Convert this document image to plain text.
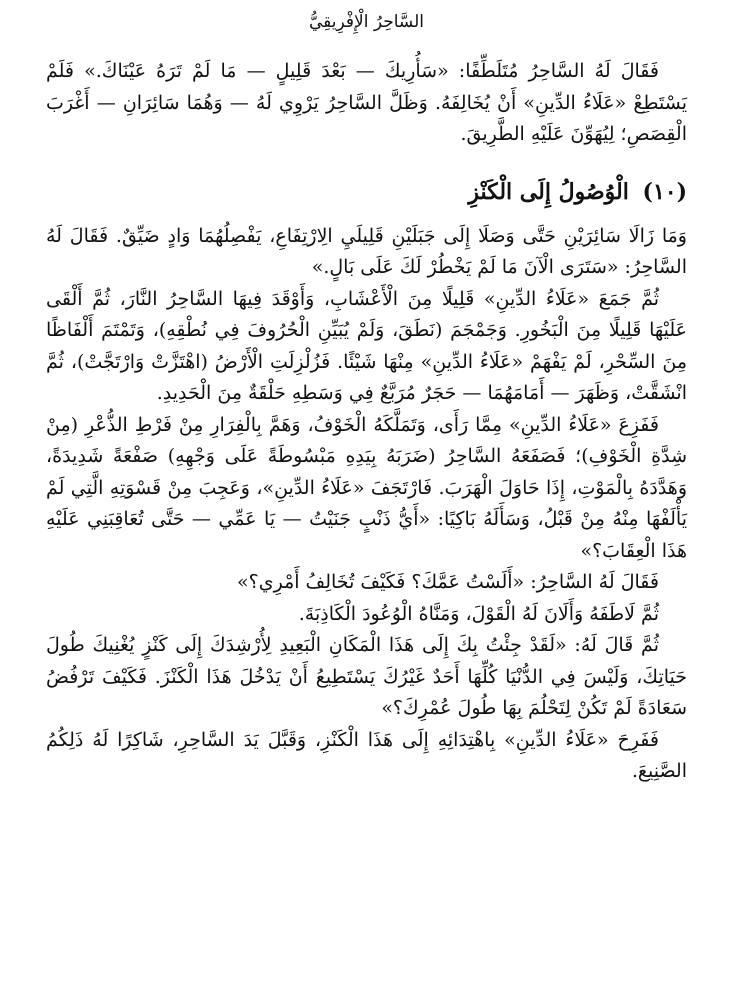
السَّاحِرُ الْإِفْرِيقِيُّ

فَقَالَ لَهُ السَّاحِرُ مُتَلَطِّفًا: «سَأُرِيكَ — بَعْدَ قَلِيلٍ — مَا لَمْ تَرَهُ عَيْنَاكَ.» فَلَمْ يَسْتَطِعْ «عَلَاءُ الدِّينِ» أَنْ يُخَالِفَهُ. وَظَلَّ السَّاحِرُ يَرْوِي لَهُ — وَهُمَا سَائِرَانِ — أَغْرَبَ الْقِصَصِ؛ لِيُهَوِّنَ عَلَيْهِ الطَّرِيقَ.

(١٠) الْوُصُولُ إِلَى الْكَنْزِ

وَمَا زَالَا سَائِرَيْنِ حَتَّى وَصَلَا إِلَى جَبَلَيْنِ قَلِيلَيِ الِارْتِفَاعِ، يَفْصِلُهُمَا وَادٍ ضَيِّقٌ. فَقَالَ لَهُ السَّاحِرُ: «سَتَرَى الْآنَ مَا لَمْ يَخْطُرْ لَكَ عَلَى بَالٍ.»

ثُمَّ جَمَعَ «عَلَاءُ الدِّينِ» قَلِيلًا مِنَ الْأَعْشَابِ، وَأَوْقَدَ فِيهَا السَّاحِرُ النَّارَ، ثُمَّ أَلْقَى عَلَيْهَا قَلِيلًا مِنَ الْبَخُورِ. وَجَمْجَمَ (نَطَقَ، وَلَمْ يُبَيِّنِ الْحُرُوفَ فِي نُطْقِهِ)، وَتَمْتَمَ أَلْفَاظًا مِنَ السِّحْرِ، لَمْ يَفْهَمْ «عَلَاءُ الدِّينِ» مِنْهَا شَيْئًا. فَزُلْزِلَتِ الْأَرْضُ (اهْتَزَّتْ وَارْتَجَّتْ)، ثُمَّ انْشَقَّتْ، وَظَهَرَ — أَمَامَهُمَا — حَجَرٌ مُرَبَّعٌ فِي وَسَطِهِ حَلْقَةٌ مِنَ الْحَدِيدِ.

فَفَزِعَ «عَلَاءُ الدِّينِ» مِمَّا رَأَى، وَتَمَلَّكَهُ الْخَوْفُ، وَهَمَّ بِالْفِرَارِ مِنْ فَرْطِ الذُّعْرِ (مِنْ شِدَّةِ الْخَوْفِ)؛ فَصَفَعَهُ السَّاحِرُ (ضَرَبَهُ بِيَدِهِ مَبْسُوطَةً عَلَى وَجْهِهِ) صَفْعَةً شَدِيدَةً، وَهَدَّدَهُ بِالْمَوْتِ، إِذَا حَاوَلَ الْهَرَبَ. فَارْتَجَفَ «عَلَاءُ الدِّينِ»، وَعَجِبَ مِنْ قَسْوَتِهِ الَّتِي لَمْ يَأْلَفْهَا مِنْهُ مِنْ قَبْلُ، وَسَأَلَهُ بَاكِيًا: «أَيُّ ذَنْبٍ جَنَيْتُ — يَا عَمِّي — حَتَّى تُعَاقِبَنِي عَلَيْهِ هَذَا الْعِقَابَ؟»

فَقَالَ لَهُ السَّاحِرُ: «أَلَسْتُ عَمَّكَ؟ فَكَيْفَ تُخَالِفُ أَمْرِي؟»

ثُمَّ لَاطَفَهُ وَأَلَانَ لَهُ الْقَوْلَ، وَمَنَّاهُ الْوُعُودَ الْكَاذِبَةَ.

ثُمَّ قَالَ لَهُ: «لَقَدْ جِئْتُ بِكَ إِلَى هَذَا الْمَكَانِ الْبَعِيدِ لِأُرْشِدَكَ إِلَى كَنْزٍ يُغْنِيكَ طُولَ حَيَاتِكَ، وَلَيْسَ فِي الدُّنْيَا كُلِّهَا أَحَدٌ غَيْرُكَ يَسْتَطِيعُ أَنْ يَدْخُلَ هَذَا الْكَنْزَ. فَكَيْفَ تَرْفُضُ سَعَادَةً لَمْ تَكُنْ لِتَحْلُمَ بِهَا طُولَ عُمْرِكَ؟»

فَفَرِحَ «عَلَاءُ الدِّينِ» بِاهْتِدَائِهِ إِلَى هَذَا الْكَنْزِ، وَقَبَّلَ يَدَ السَّاحِرِ، شَاكِرًا لَهُ ذَلِكُمُ الصَّنِيعَ.
